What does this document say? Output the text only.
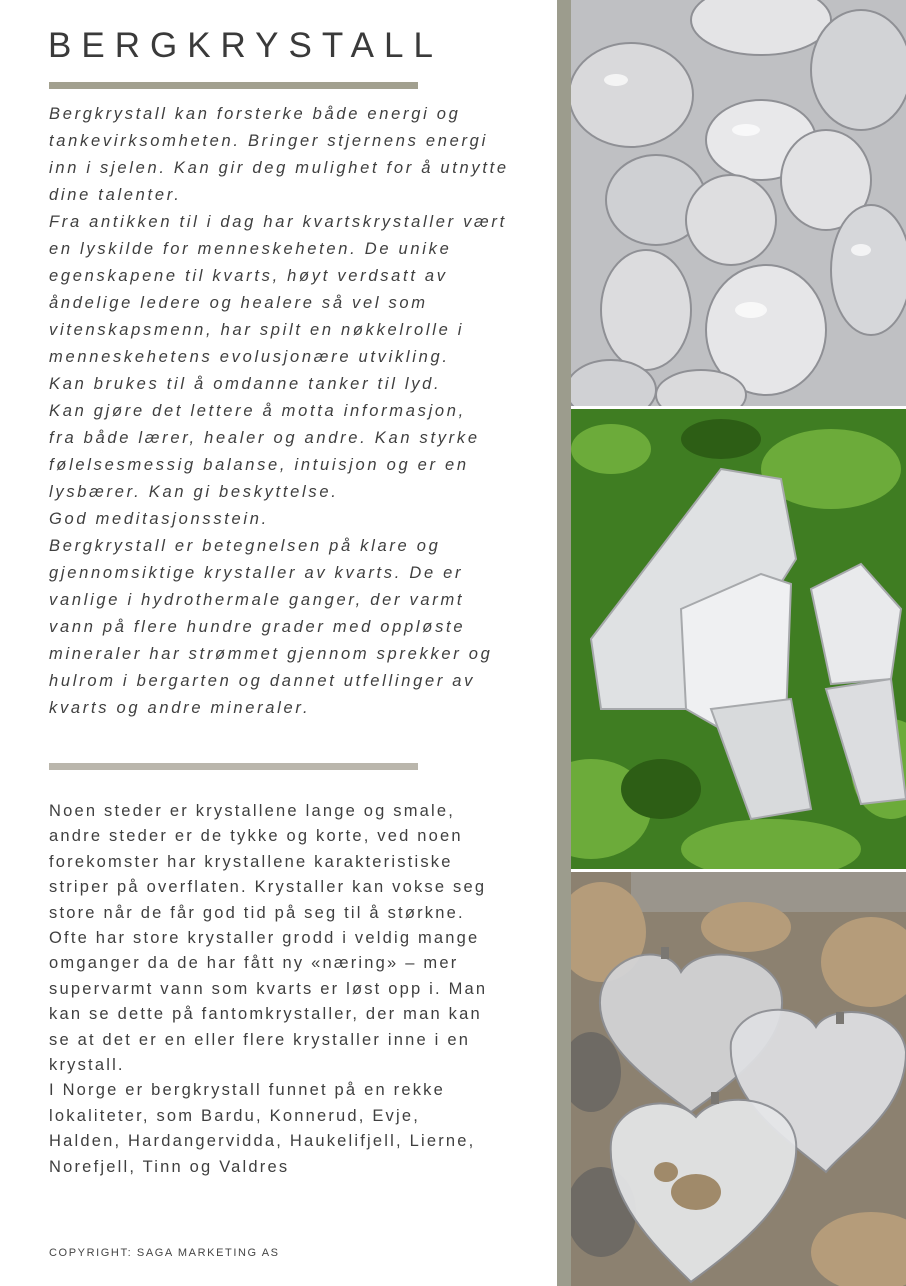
BERGKRYSTALL

Bergkrystall kan forsterke både energi og
tankevirksomheten. Bringer stjernens energi
inn i sjelen. Kan gir deg mulighet for å utnytte
dine talenter.
Fra antikken til i dag har kvartskrystaller vært
en lyskilde for menneskeheten. De unike
egenskapene til kvarts, høyt verdsatt av
åndelige ledere og healere så vel som
vitenskapsmenn, har spilt en nøkkelrolle i
menneskehetens evolusjonære utvikling.
Kan brukes til å omdanne tanker til lyd.
Kan gjøre det lettere å motta informasjon,
fra både lærer, healer og andre. Kan styrke
følelsesmessig balanse, intuisjon og er en
lysbærer. Kan gi beskyttelse.
God meditasjonsstein.
Bergkrystall er betegnelsen på klare og
gjennomsiktige krystaller av kvarts. De er
vanlige i hydrothermale ganger, der varmt
vann på flere hundre grader med oppløste
mineraler har strømmet gjennom sprekker og
hulrom i bergarten og dannet utfellinger av
kvarts og andre mineraler.

Noen steder er krystallene lange og smale,
andre steder er de tykke og korte, ved noen
forekomster har krystallene karakteristiske
striper på overflaten. Krystaller kan vokse seg
store når de får god tid på seg til å størkne.
Ofte har store krystaller grodd i veldig mange
omganger da de har fått ny «næring» – mer
supervarmt vann som kvarts er løst opp i. Man
kan se dette på fantomkrystaller, der man kan
se at det er en eller flere krystaller inne i en
krystall.
I Norge er bergkrystall funnet på en rekke
lokaliteter, som Bardu, Konnerud, Evje,
Halden, Hardangervidda, Haukelifjell, Lierne,
Norefjell, Tinn og Valdres

COPYRIGHT: SAGA MARKETING AS
